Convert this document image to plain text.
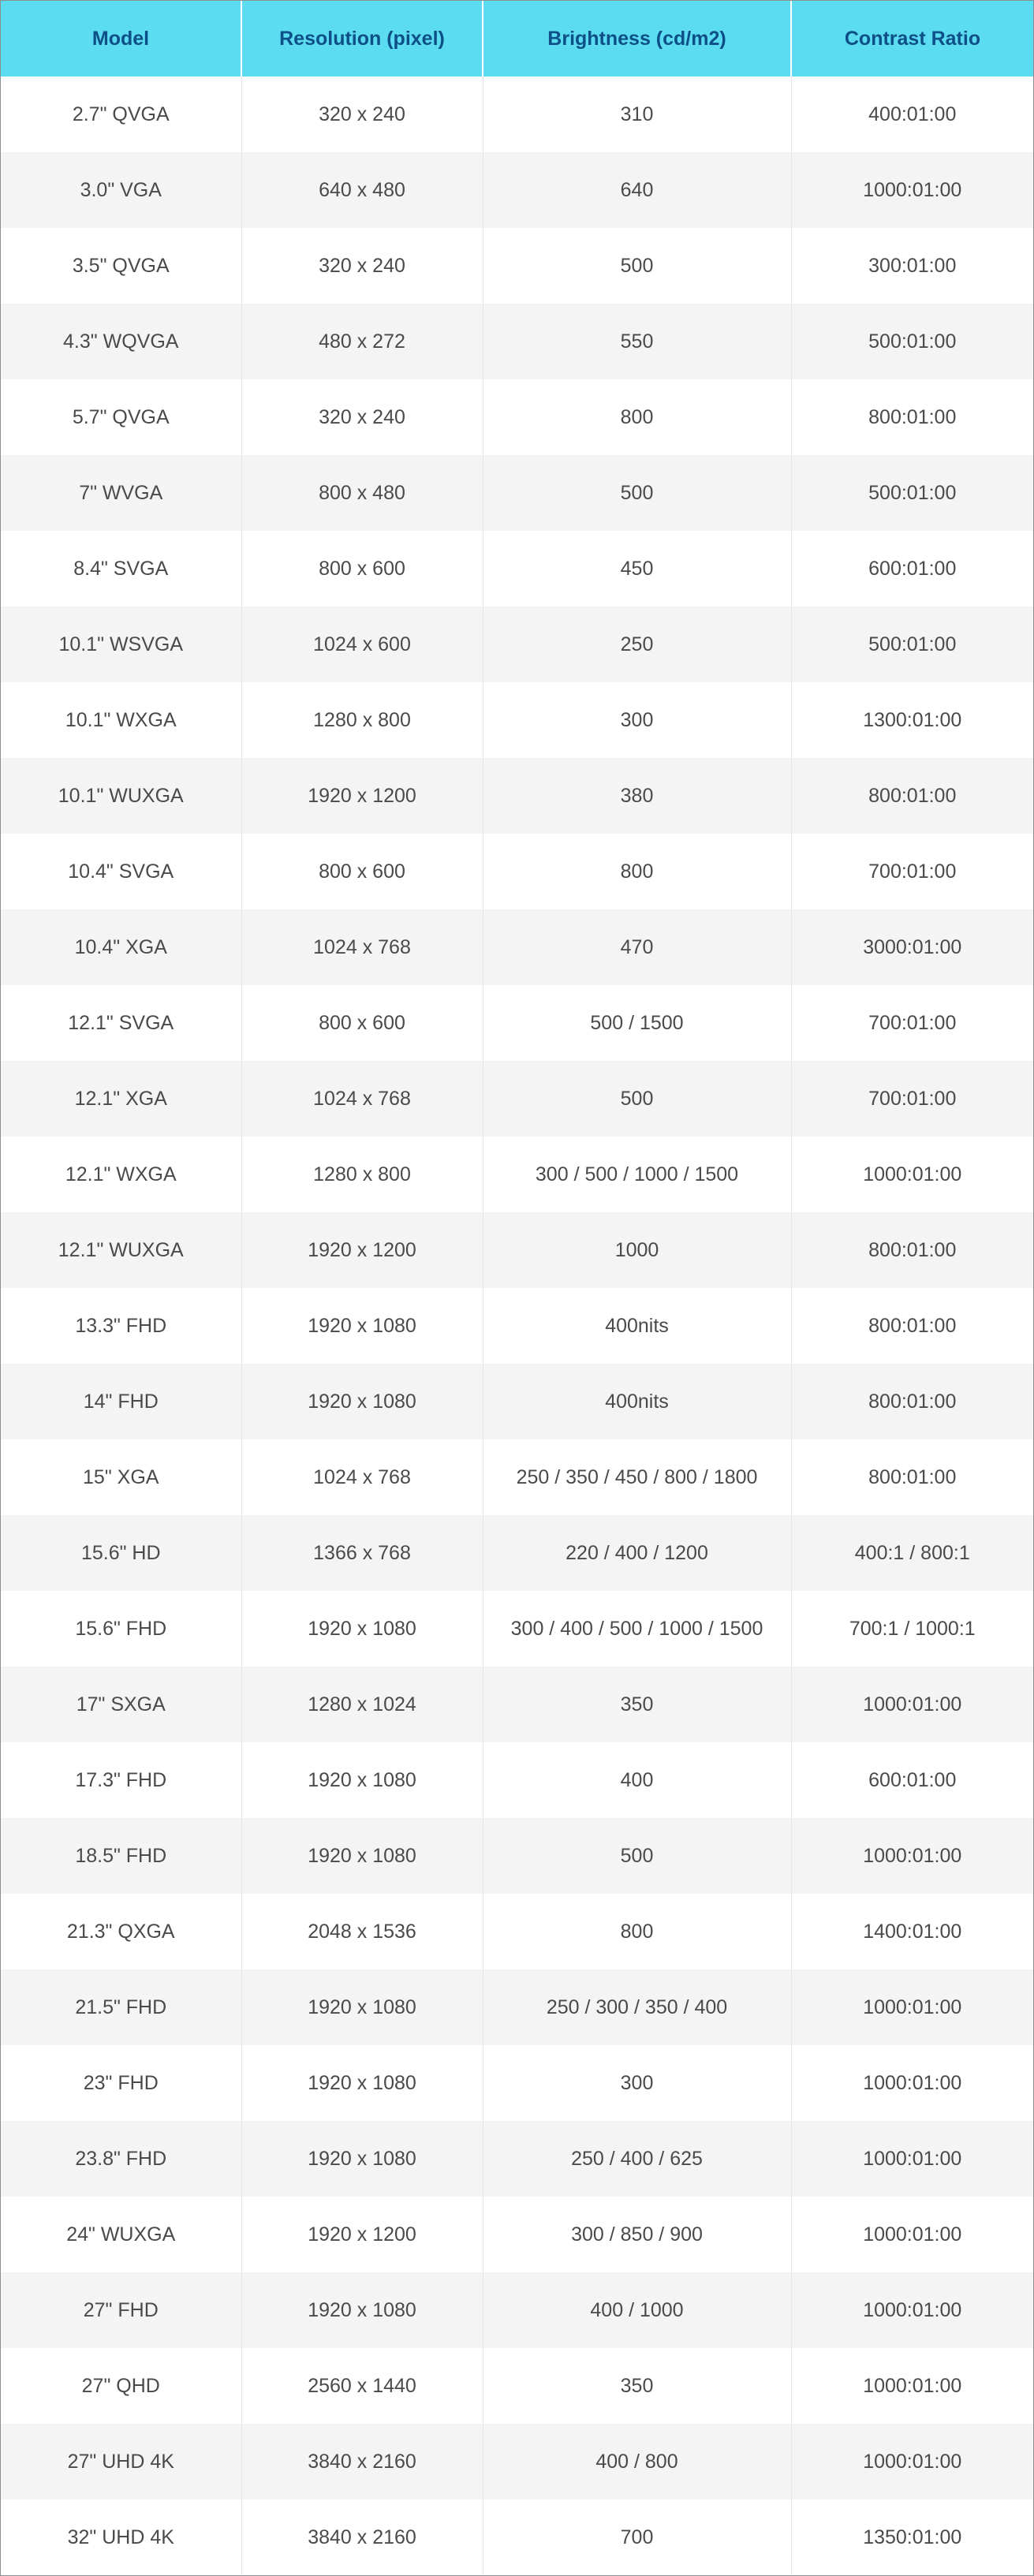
Model	Resolution (pixel)	Brightness (cd/m2)	Contrast Ratio
2.7" QVGA	320 x 240	310	400:01:00
3.0" VGA	640 x 480	640	1000:01:00
3.5" QVGA	320 x 240	500	300:01:00
4.3" WQVGA	480 x 272	550	500:01:00
5.7" QVGA	320 x 240	800	800:01:00
7" WVGA	800 x 480	500	500:01:00
8.4" SVGA	800 x 600	450	600:01:00
10.1" WSVGA	1024 x 600	250	500:01:00
10.1" WXGA	1280 x 800	300	1300:01:00
10.1" WUXGA	1920 x 1200	380	800:01:00
10.4" SVGA	800 x 600	800	700:01:00
10.4" XGA	1024 x 768	470	3000:01:00
12.1" SVGA	800 x 600	500 / 1500	700:01:00
12.1" XGA	1024 x 768	500	700:01:00
12.1" WXGA	1280 x 800	300 / 500 / 1000 / 1500	1000:01:00
12.1" WUXGA	1920 x 1200	1000	800:01:00
13.3" FHD	1920 x 1080	400nits	800:01:00
14" FHD	1920 x 1080	400nits	800:01:00
15" XGA	1024 x 768	250 / 350 / 450 / 800 / 1800	800:01:00
15.6" HD	1366 x 768	220 / 400 / 1200	400:1 / 800:1
15.6" FHD	1920 x 1080	300 / 400 / 500 / 1000 / 1500	700:1 / 1000:1
17" SXGA	1280 x 1024	350	1000:01:00
17.3" FHD	1920 x 1080	400	600:01:00
18.5" FHD	1920 x 1080	500	1000:01:00
21.3" QXGA	2048 x 1536	800	1400:01:00
21.5" FHD	1920 x 1080	250 / 300 / 350 / 400	1000:01:00
23" FHD	1920 x 1080	300	1000:01:00
23.8" FHD	1920 x 1080	250 / 400 / 625	1000:01:00
24" WUXGA	1920 x 1200	300 / 850 / 900	1000:01:00
27" FHD	1920 x 1080	400 / 1000	1000:01:00
27" QHD	2560 x 1440	350	1000:01:00
27" UHD 4K	3840 x 2160	400 / 800	1000:01:00
32" UHD 4K	3840 x 2160	700	1350:01:00
